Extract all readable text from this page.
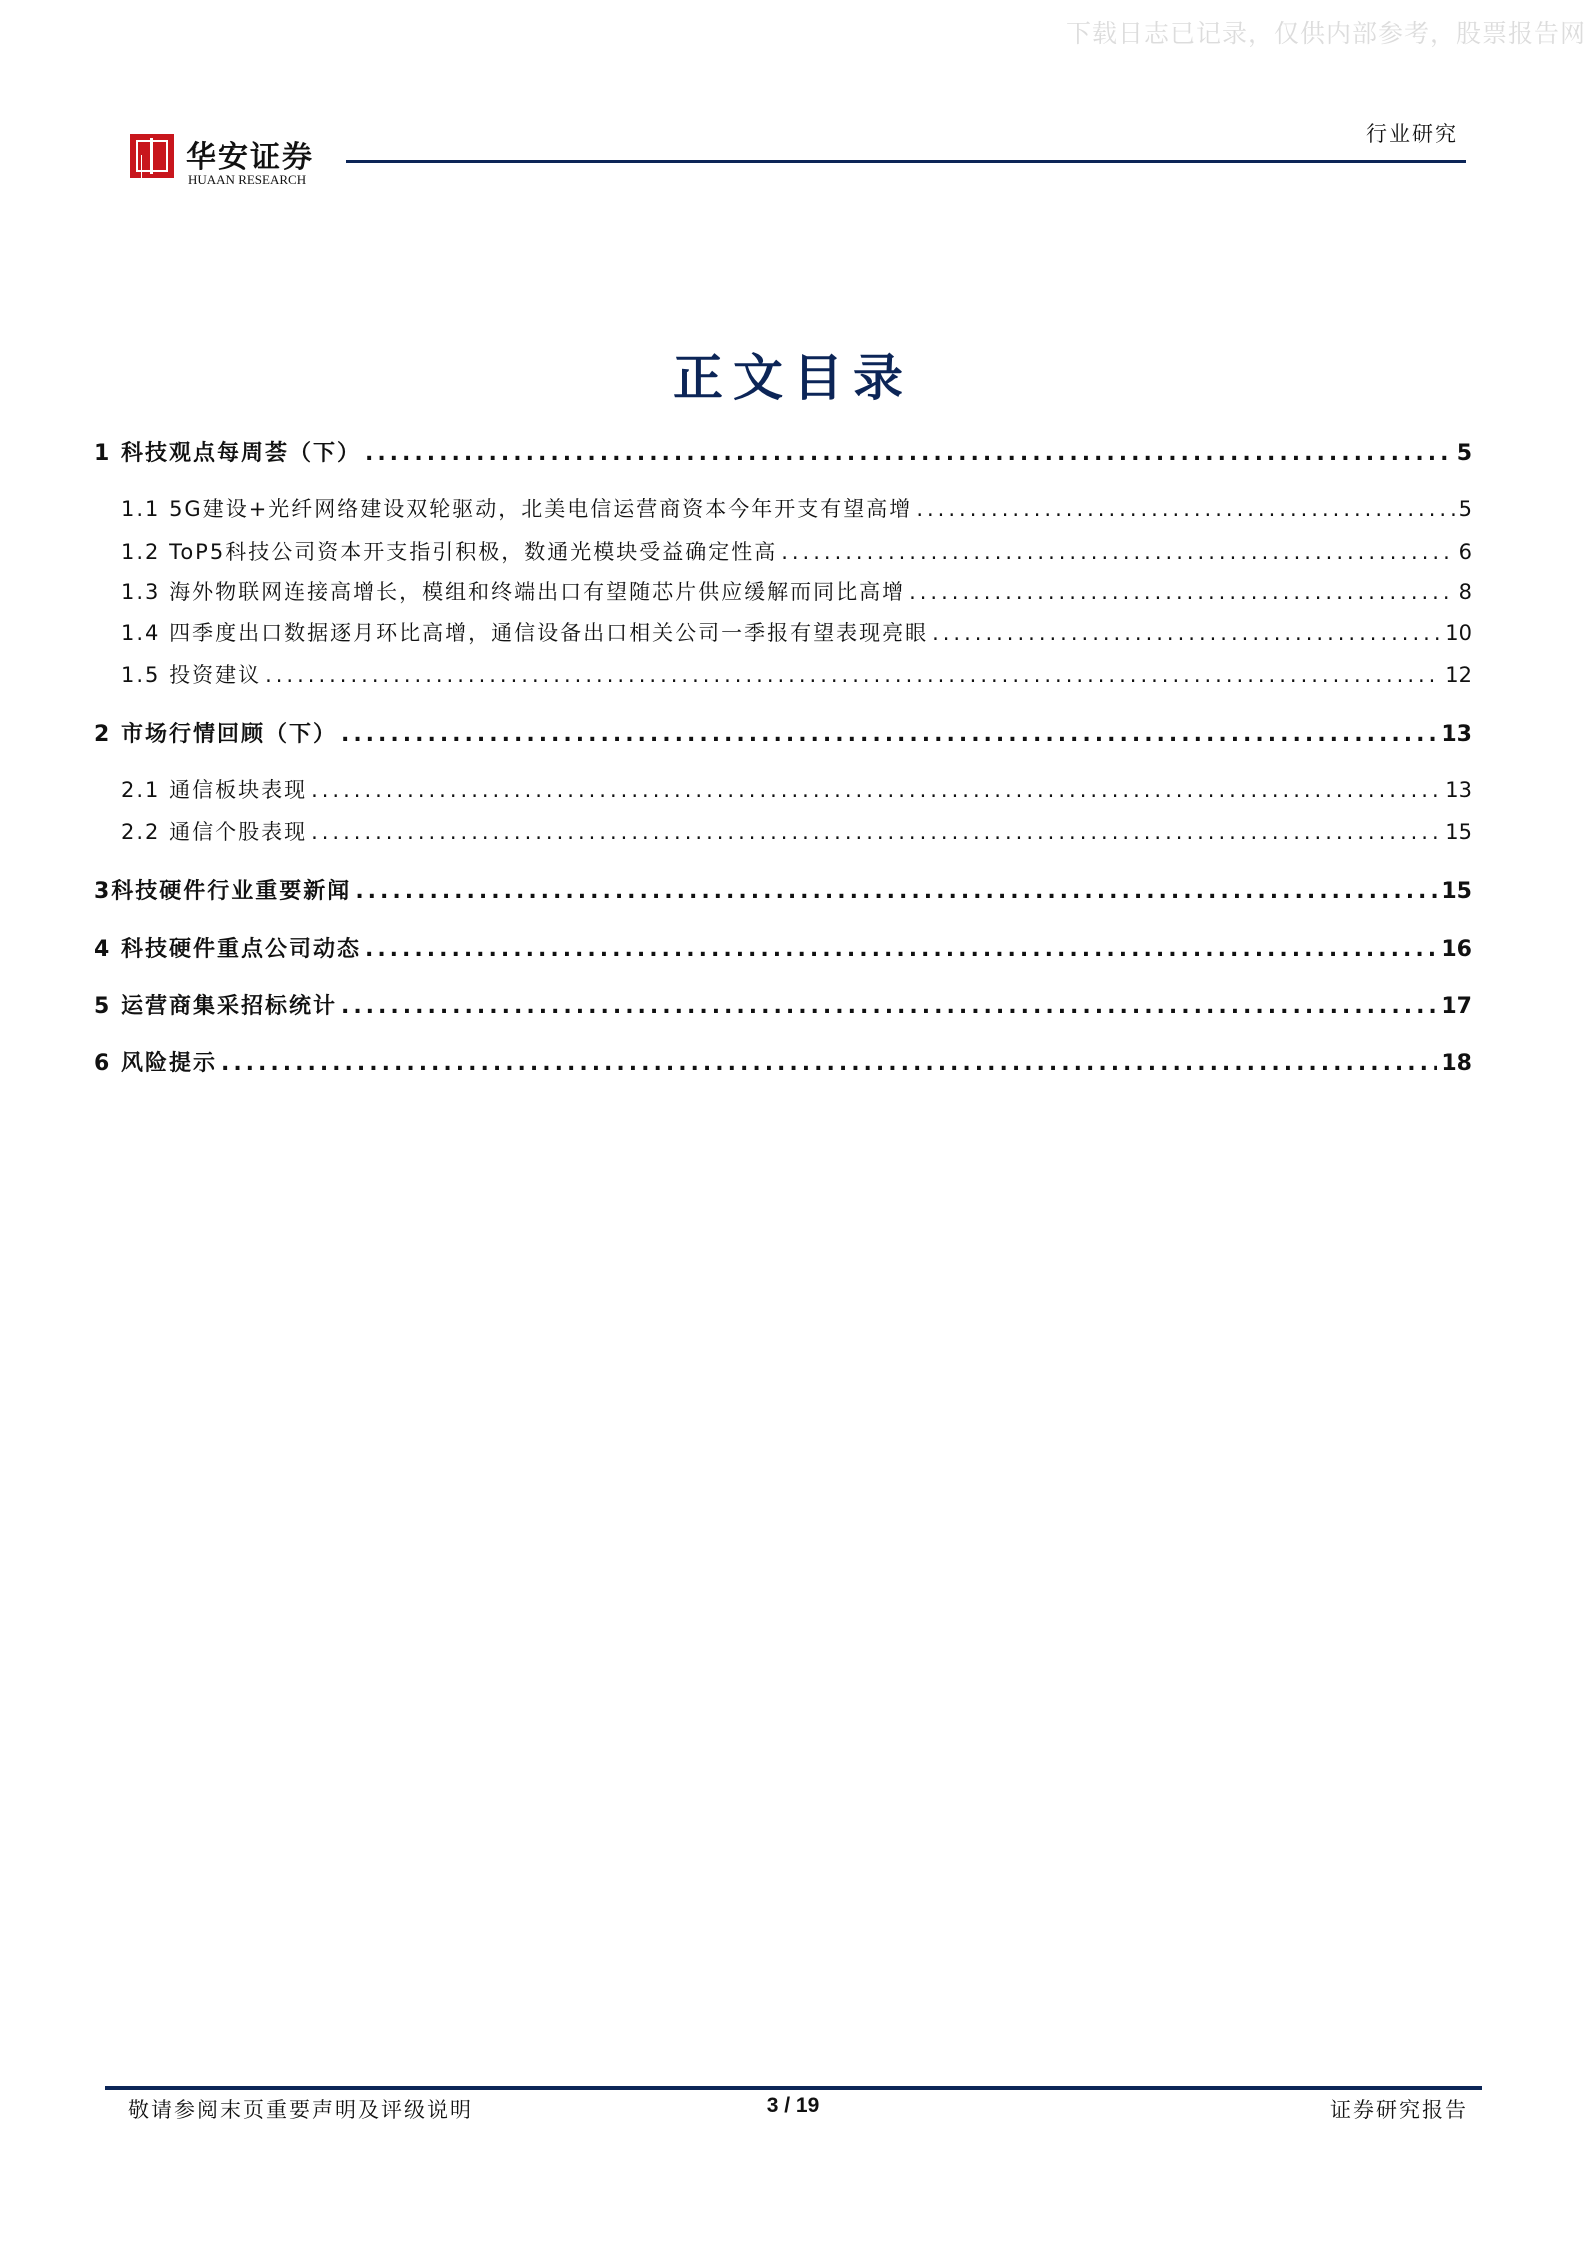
下载日志已记录，仅供内部参考，股票报告网
华安证券
HUAAN RESEARCH
行业研究
正文目录
1 科技观点每周荟（下） .....	5
1.1 5G建设+光纤网络建设双轮驱动，北美电信运营商资本今年开支有望高增 .....	5
1.2 ToP5科技公司资本开支指引积极，数通光模块受益确定性高 .....	6
1.3 海外物联网连接高增长，模组和终端出口有望随芯片供应缓解而同比高增 .....	8
1.4 四季度出口数据逐月环比高增，通信设备出口相关公司一季报有望表现亮眼 .....	10
1.5 投资建议 .....	12
2 市场行情回顾（下） .....	13
2.1 通信板块表现 .....	13
2.2 通信个股表现 .....	15
3科技硬件行业重要新闻 .....	15
4 科技硬件重点公司动态 .....	16
5 运营商集采招标统计 .....	17
6 风险提示 .....	18
敬请参阅末页重要声明及评级说明	3 / 19	证券研究报告
